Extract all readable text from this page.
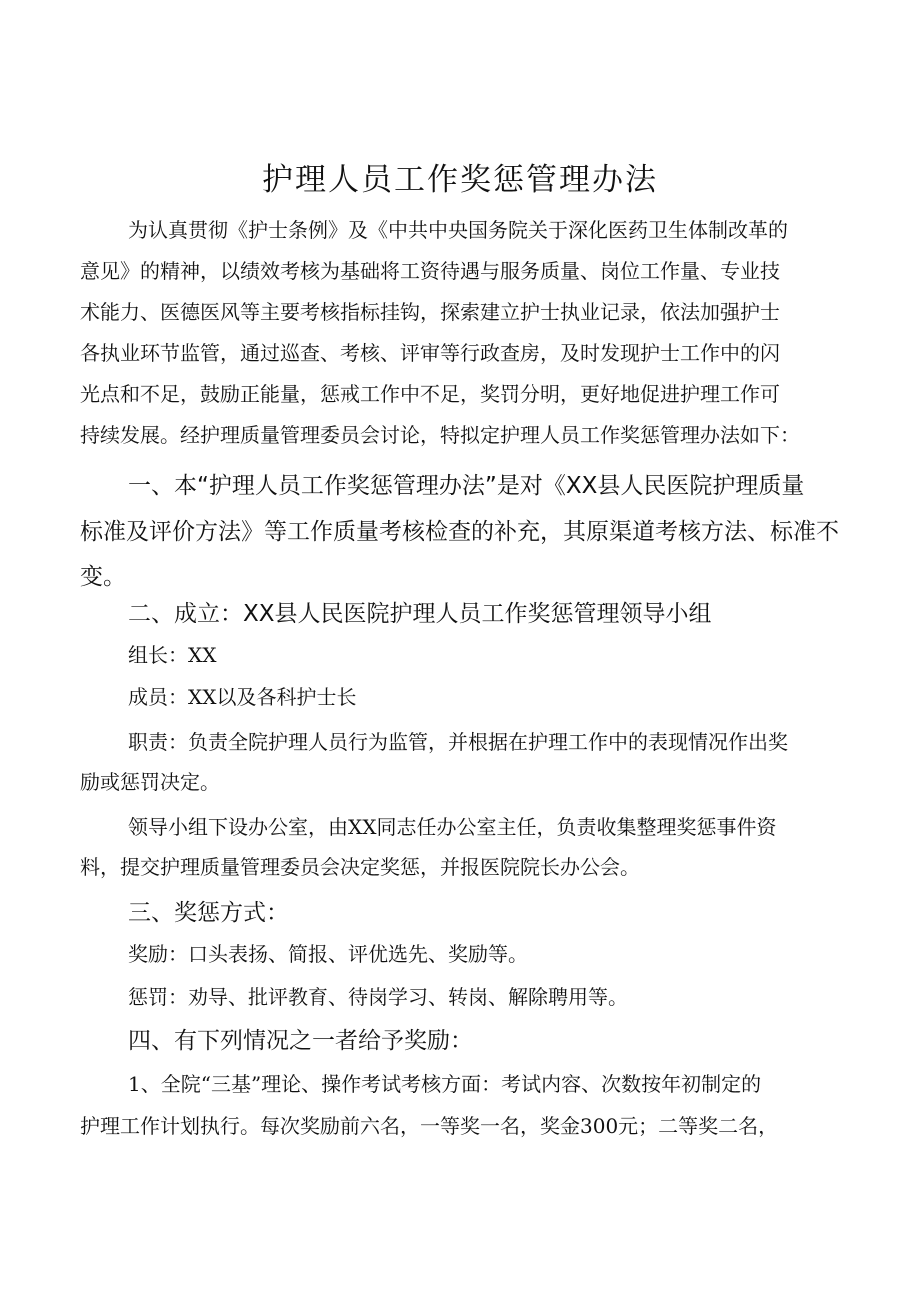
护理人员工作奖惩管理办法
为认真贯彻《护士条例》及《中共中央国务院关于深化医药卫生体制改革的
意见》的精神，以绩效考核为基础将工资待遇与服务质量、岗位工作量、专业技
术能力、医德医风等主要考核指标挂钩，探索建立护士执业记录，依法加强护士
各执业环节监管，通过巡查、考核、评审等行政查房，及时发现护士工作中的闪
光点和不足，鼓励正能量，惩戒工作中不足，奖罚分明，更好地促进护理工作可
持续发展。经护理质量管理委员会讨论，特拟定护理人员工作奖惩管理办法如下：
一、本“护理人员工作奖惩管理办法”是对《XX县人民医院护理质量
标准及评价方法》等工作质量考核检查的补充，其原渠道考核方法、标准不
变。
二、成立：XX县人民医院护理人员工作奖惩管理领导小组
组长：XX
成员：XX以及各科护士长
职责：负责全院护理人员行为监管，并根据在护理工作中的表现情况作出奖
励或惩罚决定。
领导小组下设办公室，由XX同志任办公室主任，负责收集整理奖惩事件资
料，提交护理质量管理委员会决定奖惩，并报医院院长办公会。
三、奖惩方式：
奖励：口头表扬、简报、评优选先、奖励等。
惩罚：劝导、批评教育、待岗学习、转岗、解除聘用等。
四、有下列情况之一者给予奖励：
1、全院“三基”理论、操作考试考核方面：考试内容、次数按年初制定的
护理工作计划执行。每次奖励前六名，一等奖一名，奖金300元；二等奖二名，
